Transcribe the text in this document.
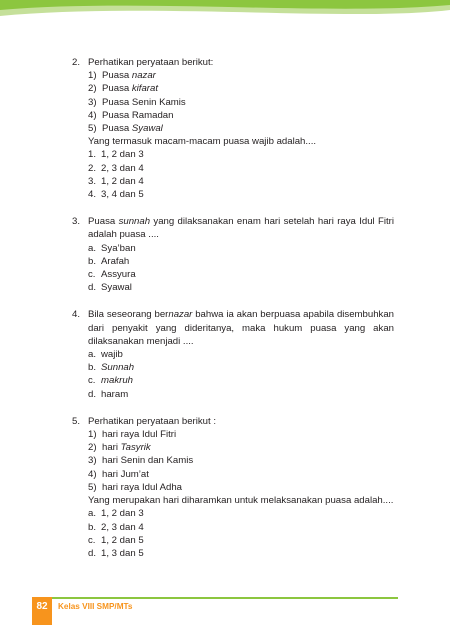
2. Perhatikan peryataan berikut:
1) Puasa nazar
2) Puasa kifarat
3) Puasa Senin Kamis
4) Puasa Ramadan
5) Puasa Syawal
Yang termasuk macam-macam puasa wajib adalah....
1. 1, 2 dan 3
2. 2, 3 dan 4
3. 1, 2 dan 4
4. 3, 4 dan 5
3. Puasa sunnah yang dilaksanakan enam hari setelah hari raya Idul Fitri adalah puasa ....
a. Sya’ban
b. Arafah
c. Assyura
d. Syawal
4. Bila seseorang bernazar bahwa ia akan berpuasa apabila disembuhkan dari penyakit yang dideritanya, maka hukum puasa yang akan dilaksanakan menjadi ....
a. wajib
b. Sunnah
c. makruh
d. haram
5. Perhatikan peryataan berikut :
1) hari raya Idul Fitri
2) hari Tasyrik
3) hari Senin dan Kamis
4) hari Jum’at
5) hari raya Idul Adha
Yang merupakan hari diharamkan untuk melaksanakan puasa adalah....
a. 1, 2 dan 3
b. 2, 3 dan 4
c. 1, 2 dan 5
d. 1, 3 dan 5
82	Kelas VIII SMP/MTs
